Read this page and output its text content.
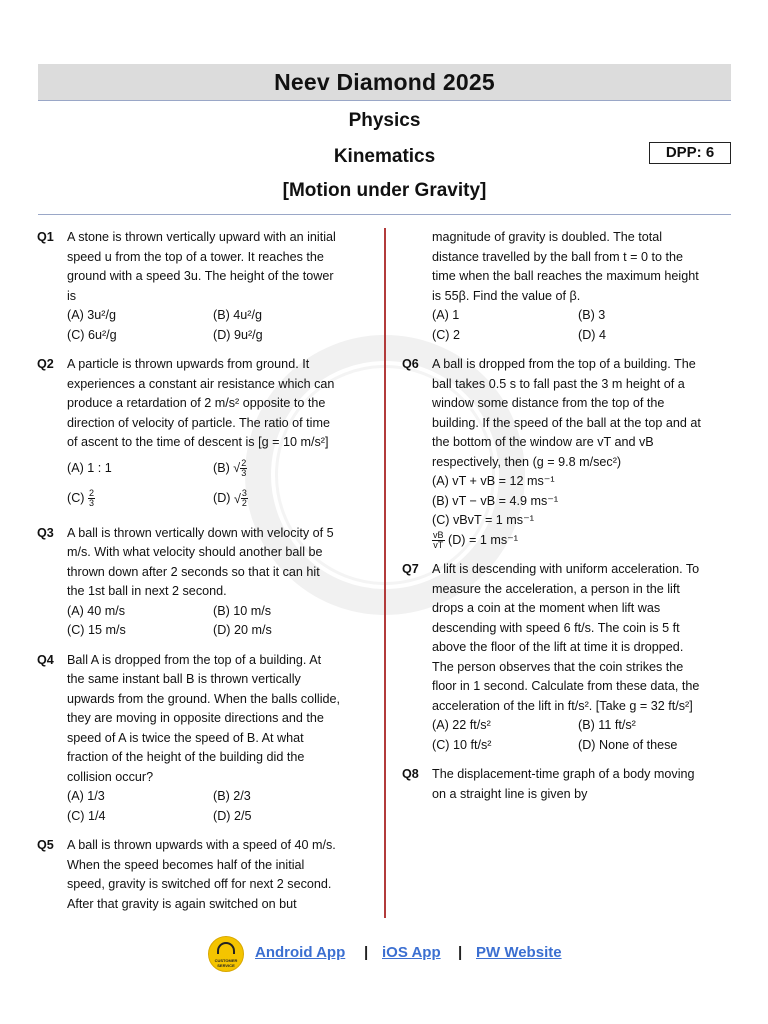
Neev Diamond 2025
Physics
Kinematics
[Motion under Gravity]
DPP: 6
Q1 A stone is thrown vertically upward with an initial
speed u from the top of a tower. It reaches the
ground with a speed 3u. The height of the tower
is
(A) 3u²/g	(B) 4u²/g
(C) 6u²/g	(D) 9u²/g
Q2 A particle is thrown upwards from ground. It
experiences a constant air resistance which can
produce a retardation of 2 m/s² opposite to the
direction of velocity of particle. The ratio of time
of ascent to the time of descent is [g = 10 m/s²]
(A) 1 : 1	(B) √ $\frac{2}{3}$
$(C) \frac{2}{3}$	(D) √ $\frac{3}{2}$
Q3 A ball is thrown vertically down with velocity of 5
m/s. With what velocity should another ball be
thrown down after 2 seconds so that it can hit
the 1st ball in next 2 second.
(A) 40 m/s	(B) 10 m/s
(C) 15 m/s	(D) 20 m/s
Q4 Ball A is dropped from the top of a building. At
the same instant ball B is thrown vertically
upwards from the ground. When the balls collide,
they are moving in opposite directions and the
speed of A is twice the speed of B. At what
fraction of the height of the building did the
collision occur?
(A) 1/3	(B) 2/3
(C) 1/4	(D) 2/5
Q5 A ball is thrown upwards with a speed of 40 m/s.
When the speed becomes half of the initial
speed, gravity is switched off for next 2 second.
After that gravity is again switched on but
magnitude of gravity is doubled. The total
distance travelled by the ball from t = 0 to the
time when the ball reaches the maximum height
is 55β. Find the value of β.
(A) 1	(B) 3
(C) 2	(D) 4
Q6 A ball is dropped from the top of a building. The
ball takes 0.5 s to fall past the 3 m height of a
window some distance from the top of the
building. If the speed of the ball at the top and at
the bottom of the window are vT and vB
respectively, then (g = 9.8 m/sec²)
(A) vT + vB = 12 ms⁻¹
(B) vT − vB = 4.9 ms⁻¹
(C) vBvT = 1 ms⁻¹
$\frac{vB}{vT} (D) = 1$ ms⁻¹
Q7 A lift is descending with uniform acceleration. To
measure the acceleration, a person in the lift
drops a coin at the moment when lift was
descending with speed 6 ft/s. The coin is 5 ft
above the floor of the lift at time it is dropped.
The person observes that the coin strikes the
floor in 1 second. Calculate from these data, the
acceleration of the lift in ft/s². [Take g = 32 ft/s²]
(A) 22 ft/s²	(B) 11 ft/s²
(C) 10 ft/s²	(D) None of these
Q8 The displacement-time graph of a body moving
on a straight line is given by
CUSTOMER SERVICE
Android App | iOS App | PW Website
